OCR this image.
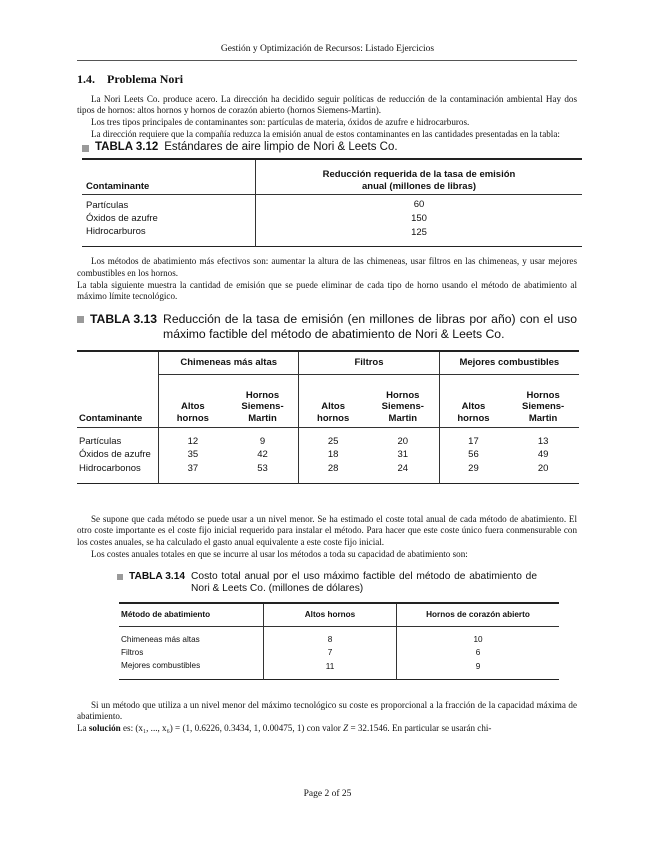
Gestión y Optimización de Recursos: Listado Ejercicios
1.4. Problema Nori

La Nori Leets Co. produce acero. La dirección ha decidido seguir políticas de reducción de la contaminación ambiental Hay dos tipos de hornos: altos hornos y hornos de corazón abierto (hornos Siemens-Martin).

Los tres tipos principales de contaminantes son: partículas de materia, óxidos de azufre e hidrocarburos.

La dirección requiere que la compañía reduzca la emisión anual de estos contaminantes en las cantidades presentadas en la tabla:

TABLA 3.12 Estándares de aire limpio de Nori & Leets Co.
Contaminante	Reducción requerida de la tasa de emisión anual (millones de libras)
Partículas	60
Óxidos de azufre	150
Hidrocarburos	125

Los métodos de abatimiento más efectivos son: aumentar la altura de las chimeneas, usar filtros en las chimeneas, y usar mejores combustibles en los hornos.

La tabla siguiente muestra la cantidad de emisión que se puede eliminar de cada tipo de horno usando el método de abatimiento al máximo límite tecnológico.

TABLA 3.13 Reducción de la tasa de emisión (en millones de libras por año) con el uso máximo factible del método de abatimiento de Nori & Leets Co.
	Chimeneas más altas		Filtros		Mejores combustibles	
Contaminante	Altos hornos	Hornos Siemens-Martin	Altos hornos	Hornos Siemens-Martin	Altos hornos	Hornos Siemens-Martin
Partículas	12	9	25	20	17	13
Óxidos de azufre	35	42	18	31	56	49
Hidrocarbonos	37	53	28	24	29	20

Se supone que cada método se puede usar a un nivel menor. Se ha estimado el coste total anual de cada método de abatimiento. El otro coste importante es el coste fijo inicial requerido para instalar el método. Para hacer que este coste único fuera conmensurable con los costes anuales, se ha calculado el gasto anual equivalente a este coste fijo inicial.

Los costes anuales totales en que se incurre al usar los métodos a toda su capacidad de abatimiento son:

TABLA 3.14 Costo total anual por el uso máximo factible del método de abatimiento de Nori & Leets Co. (millones de dólares)
Método de abatimiento	Altos hornos	Hornos de corazón abierto
Chimeneas más altas	8	10
Filtros	7	6
Mejores combustibles	11	9

Si un método que utiliza a un nivel menor del máximo tecnológico su coste es proporcional a la fracción de la capacidad máxima de abatimiento.

La solución es: (x₁, ..., x₆) = (1, 0.6226, 0.3434, 1, 0.00475, 1) con valor Z = 32.1546. En particular se usarán chi-

Page 2 of 25
